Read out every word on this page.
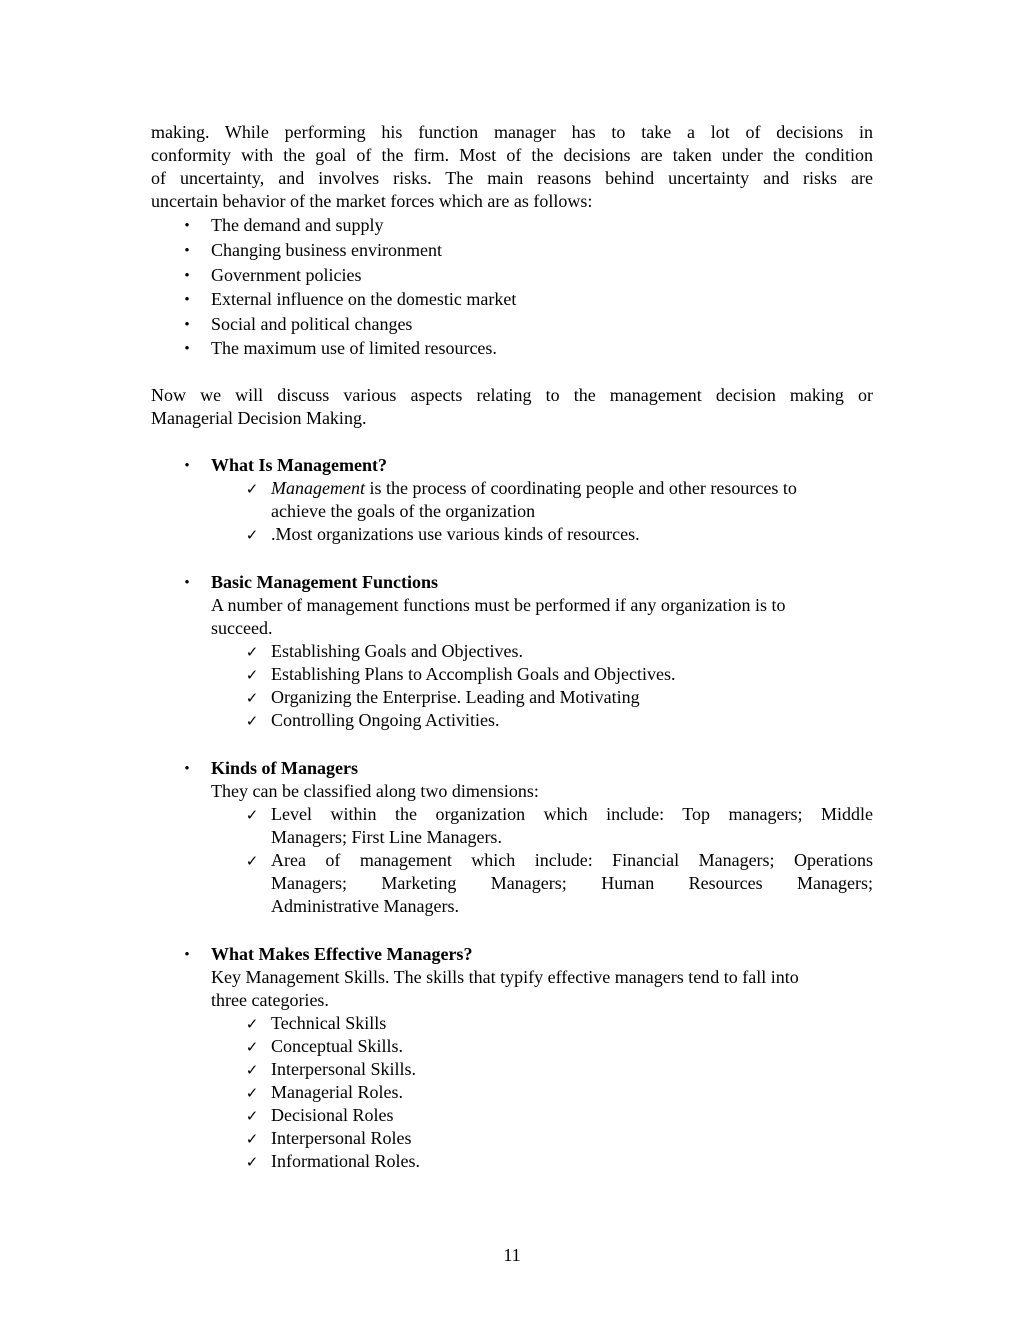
making. While performing his function manager has to take a lot of decisions in
conformity with the goal of the firm. Most of the decisions are taken under the condition
of uncertainty, and involves risks. The main reasons behind uncertainty and risks are
uncertain behavior of the market forces which are as follows:
• The demand and supply
• Changing business environment
• Government policies
• External influence on the domestic market
• Social and political changes
• The maximum use of limited resources.
Now we will discuss various aspects relating to the management decision making or
Managerial Decision Making.
• What Is Management?
✓ Management is the process of coordinating people and other resources to
achieve the goals of the organization
✓ .Most organizations use various kinds of resources.
• Basic Management Functions
A number of management functions must be performed if any organization is to
succeed.
✓ Establishing Goals and Objectives.
✓ Establishing Plans to Accomplish Goals and Objectives.
✓ Organizing the Enterprise. Leading and Motivating
✓ Controlling Ongoing Activities.
• Kinds of Managers
They can be classified along two dimensions:
✓ Level within the organization which include: Top managers; Middle
Managers; First Line Managers.
✓ Area of management which include: Financial Managers; Operations
Managers; Marketing Managers; Human Resources Managers;
Administrative Managers.
• What Makes Effective Managers?
Key Management Skills. The skills that typify effective managers tend to fall into
three categories.
✓ Technical Skills
✓ Conceptual Skills.
✓ Interpersonal Skills.
✓ Managerial Roles.
✓ Decisional Roles
✓ Interpersonal Roles
✓ Informational Roles.
11
